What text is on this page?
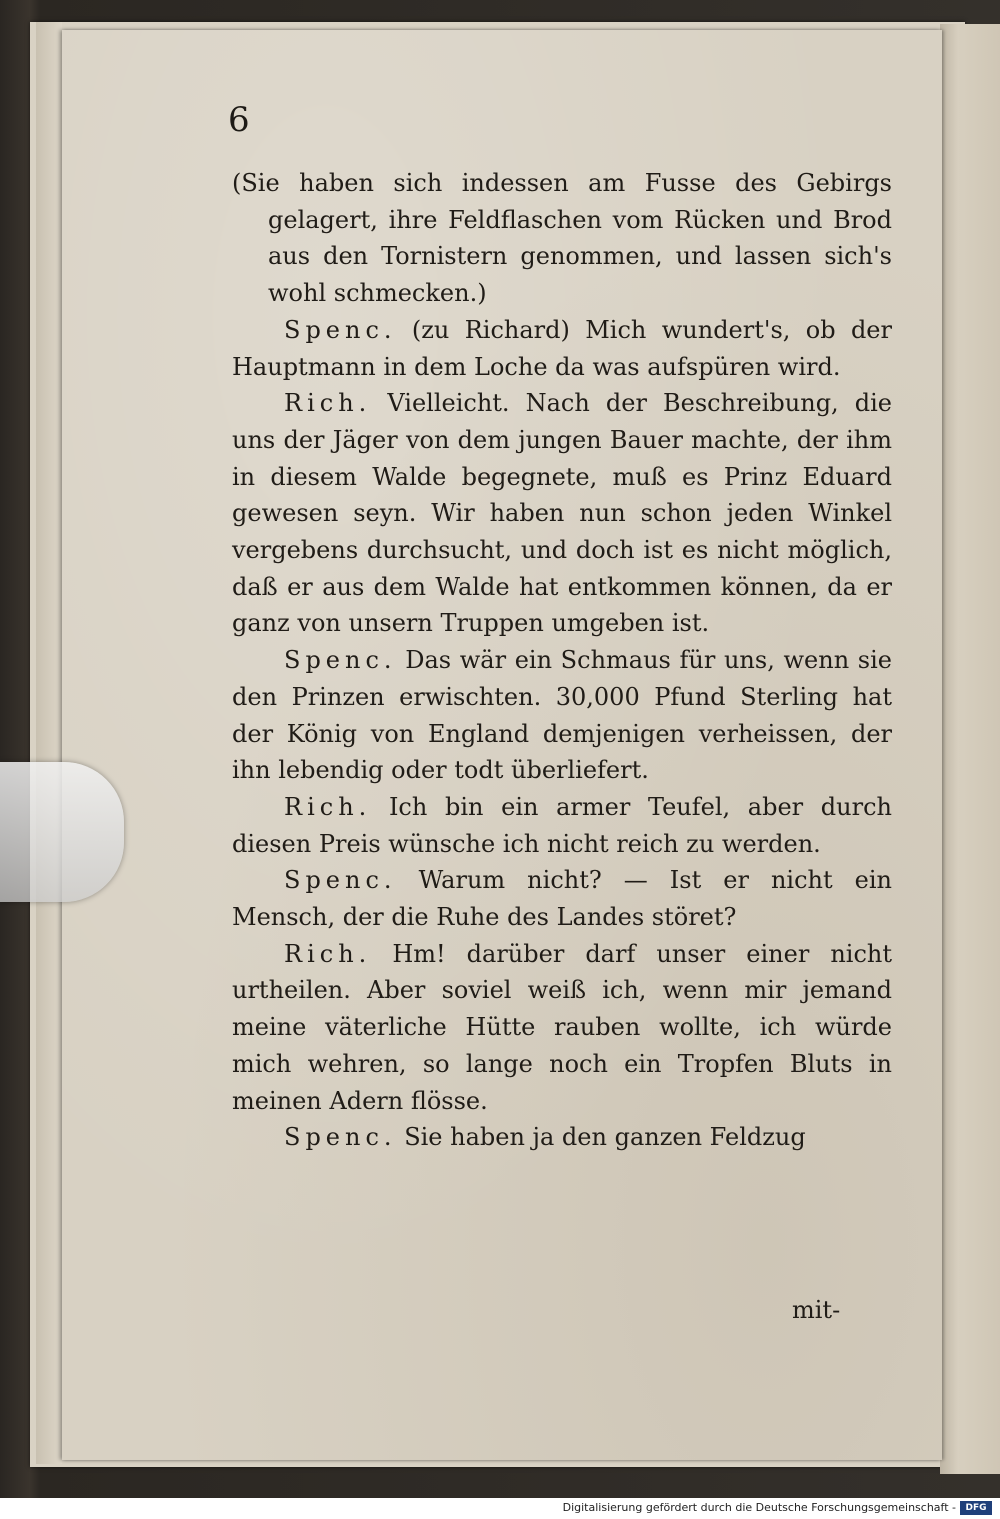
6

(Sie haben sich indessen am Fusse des Gebirgs gelagert, ihre Feldflaschen vom Rücken und Brod aus den Tornistern genommen, und lassen sich's wohl schmecken.)

Spenc. (zu Richard) Mich wundert's, ob der Hauptmann in dem Loche da was aufspüren wird.

Rich. Vielleicht. Nach der Beschreibung, die uns der Jäger von dem jungen Bauer machte, der ihm in diesem Walde begegnete, muß es Prinz Eduard gewesen seyn. Wir haben nun schon jeden Winkel vergebens durchsucht, und doch ist es nicht möglich, daß er aus dem Walde hat entkommen können, da er ganz von unsern Truppen umgeben ist.

Spenc. Das wär ein Schmaus für uns, wenn sie den Prinzen erwischten. 30,000 Pfund Sterling hat der König von England demjenigen verheissen, der ihn lebendig oder todt überliefert.

Rich. Ich bin ein armer Teufel, aber durch diesen Preis wünsche ich nicht reich zu werden.

Spenc. Warum nicht? — Ist er nicht ein Mensch, der die Ruhe des Landes störet?

Rich. Hm! darüber darf unser einer nicht urtheilen. Aber soviel weiß ich, wenn mir jemand meine väterliche Hütte rauben wollte, ich würde mich wehren, so lange noch ein Tropfen Bluts in meinen Adern flösse.

Spenc. Sie haben ja den ganzen Feldzug

mit-
Digitalisierung gefördert durch die Deutsche Forschungsgemeinschaft -	DFG
